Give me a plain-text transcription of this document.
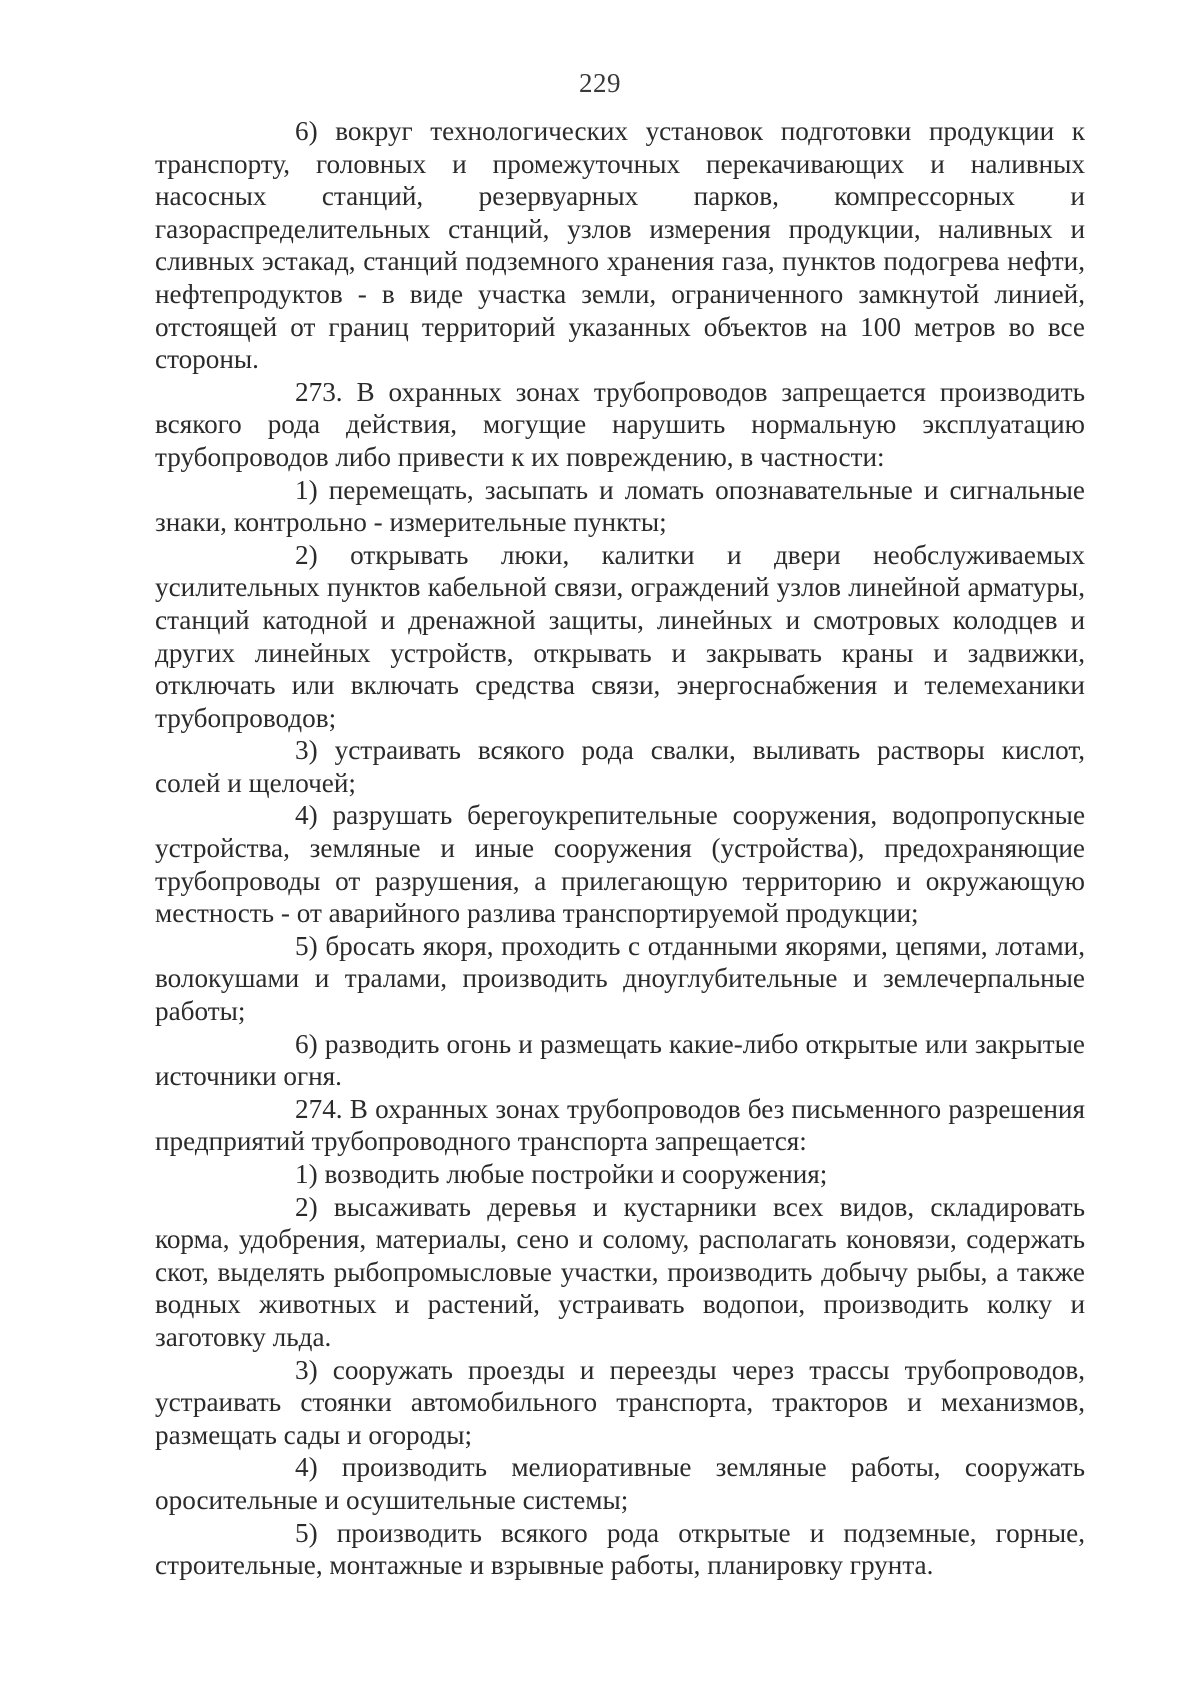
229

6) вокруг технологических установок подготовки продукции к транспорту, головных и промежуточных перекачивающих и наливных насосных станций, резервуарных парков, компрессорных и газораспределительных станций, узлов измерения продукции, наливных и сливных эстакад, станций подземного хранения газа, пунктов подогрева нефти, нефтепродуктов - в виде участка земли, ограниченного замкнутой линией, отстоящей от границ территорий указанных объектов на 100 метров во все стороны.

273. В охранных зонах трубопроводов запрещается производить всякого рода действия, могущие нарушить нормальную эксплуатацию трубопроводов либо привести к их повреждению, в частности:

1) перемещать, засыпать и ломать опознавательные и сигнальные знаки, контрольно - измерительные пункты;

2) открывать люки, калитки и двери необслуживаемых усилительных пунктов кабельной связи, ограждений узлов линейной арматуры, станций катодной и дренажной защиты, линейных и смотровых колодцев и других линейных устройств, открывать и закрывать краны и задвижки, отключать или включать средства связи, энергоснабжения и телемеханики трубопроводов;

3) устраивать всякого рода свалки, выливать растворы кислот, солей и щелочей;

4) разрушать берегоукрепительные сооружения, водопропускные устройства, земляные и иные сооружения (устройства), предохраняющие трубопроводы от разрушения, а прилегающую территорию и окружающую местность - от аварийного разлива транспортируемой продукции;

5) бросать якоря, проходить с отданными якорями, цепями, лотами, волокушами и тралами, производить дноуглубительные и землечерпальные работы;

6) разводить огонь и размещать какие-либо открытые или закрытые источники огня.

274. В охранных зонах трубопроводов без письменного разрешения предприятий трубопроводного транспорта запрещается:

1) возводить любые постройки и сооружения;

2) высаживать деревья и кустарники всех видов, складировать корма, удобрения, материалы, сено и солому, располагать коновязи, содержать скот, выделять рыбопромысловые участки, производить добычу рыбы, а также водных животных и растений, устраивать водопои, производить колку и заготовку льда.

3) сооружать проезды и переезды через трассы трубопроводов, устраивать стоянки автомобильного транспорта, тракторов и механизмов, размещать сады и огороды;

4) производить мелиоративные земляные работы, сооружать оросительные и осушительные системы;

5) производить всякого рода открытые и подземные, горные, строительные, монтажные и взрывные работы, планировку грунта.
